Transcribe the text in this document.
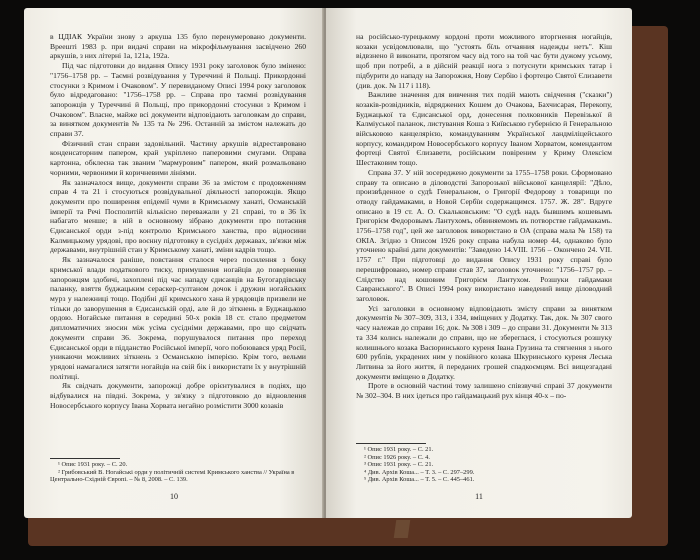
в ЦДІАК України знову з аркуша 135 було перенумеровано документи. Вреешті 1983 р. при видачі справи на мікрофільмування засвідчено 260 аркушів, з них літерні 1а, 121а, 192а.

Під час підготовки до видання Опису 1931 року заголовок було змінено: "1756–1758 рр. – Таємні розвідування у Туреччині й Польщі. Прикордонні стосунки з Кримом і Очаковом". У перевиданому Описі 1994 року заголовок було відредаговано: "1756–1758 рр. – Справа про таємні розвідування запорожців у Туреччині й Польщі, про прикордонні стосунки з Кримом і Очаковом". Власне, майже всі документи відповідають заголовкам до справи, за винятком документів № 135 та № 296. Останній за змістом належать до справи 37.

Фізичний стан справи задовільний. Частину аркушів відреставровано конденсаторним папером, край укріплено паперовими смугами. Оправа картонна, обклеєна так званим "мармуровим" папером, який розмальовано чорними, червоними й коричневими лініями.

Як зазначалося вище, документи справи 36 за змістом є продовженням справ 4 та 21 і стосуються розвідувальної діяльності запорожців. Якщо документи про поширення епідемії чуми в Кримському ханаті, Османській імперії та Речі Посполитій кількісно переважали у 21 справі, то в 36 їх набагато менше; в ній в основному зібрано документи про потаєння Єдисанської орди з-під контролю Кримського ханства, про відносини Калмицькому урядові, про воєнну підготовку в сусідніх державах, зв'язки між державами, внутрішній стан у Кримському ханаті, зміни кадрів тощо.

Як зазначалося раніше, повстання сталося через посилення з боку кримської влади податкового тиску, примушення ногайців до повернення запорожцям здобичі, захоплені під час нападу єдисанців на Бугогардівську паланку, взяття буджацьким сераскер-султаном дочок і дружин ногайських мурз у належниці тощо. Подібні дії кримського хана й урядовців призвели не тільки до заворушення в Єдисанській орді, але й до зіткнень в Буджацькою ордою. Ногайське питання в середині 50-х років 18 ст. стало предметом дипломатичних зносин між усіма сусідніми державами, про що свідчать документи справи 36. Зокрема, порушувалося питання про переход Єдисанської орди в підданство Російської імперії, чого побоювався уряд Росії, уникаючи можливих зіткнень з Османською імперією. Крім того, вельми урядові намагалися затягти ногайців на свій бік і використати їх у внутрішній політиці.

Як свідчать документи, запорожці добре орієнтувалися в подіях, що відбувалися на півдні. Зокрема, у зв'язку з підготовкою до відновлення Новосербського корпусу Івана Хорвата негайно розмістити 3000 козаків

¹ Опис 1931 року. – С. 20.
² Грибовський В. Ногайські орди у політичній системі Кримського ханства // Україна в Центрально-Східній Європі. – № 8, 2008. – С. 139.
10

на російсько-турецькому кордоні проти можливого вторгнення ногайців, козаки усвідомлювали, що "устоять бїль отчаяния надежды нетъ". Кіш відвзнено й виконати, протягом часу від того на той час бути дужому усьому, щоб при потребі, а в дійсній реакції нога з потуснути кримських татар і підбурити до нападу на Запорожжя, Нову Сербію і фортецю Святої Єлизавети (див. док. № 117 і 118).

Важливе значення для вивчення тих подій мають свідчення ("сказки") козаків-розвідників, відряджених Кошем до Очакова, Бахчисарая, Перекопу, Буджацької та Єдисанської орд, донесення полковників Перевізької й Калміуської паланок, листування Коша з Київською губернією й Генеральною військовою канцелярією, командуванням Української ландміліцейського корпусу, командиром Новосербського корпусу Іваном Хорватом, комендантом фортеці Святої Єлизавети, російським повіреним у Криму Олексієм Шестаковим тощо.

Справа 37. У ній зосереджено документи за 1755–1758 роки. Сформовано справу та описано в діловодстві Запорозької військової канцелярії: "Дѣло, произвѣденное о судѣ Генеральном, о Григорії Федорову з товарищи по отводу гайдамаками, в Новой Сербїи содержащимся. 1757. Ж. 28". Вдруге описано в 19 ст. А. О. Скальковським: "О судѣ надъ бывшимъ кошевымъ Григорієм Федоровымъ Лантухомъ, обвиняемомъ въ потворстве гайдамакамъ. 1756–1758 год", цей же заголовок використано в ОА (справа мала № 158) та ОКІА. Згідно з Описом 1926 року справа набула номер 44, однаково було уточнено крайні дати документів: "Заведено 14.VIII. 1756 – Окончено 24. VII. 1757 г." При підготовці до видання Опису 1931 року справі було перешифровано, номер справи став 37, заголовок уточнено: "1756–1757 рр. – Слідство над кошовим Григорієм Лантухом. Розшуки гайдамаки Савранського". В Описі 1994 року використано наведений вище діловодний заголовок.

Усі заголовки в основному відповідають змісту справи за винятком документів № 307–309, 313, і 334, вміщених у Додатку. Так, док. № 307 свого часу належав до справи 16; док. № 308 і 309 – до справи 31. Документи № 313 та 334 колись належали до справи, що не збереглася, і стосуються розшуку колишнього козака Васюринського куреня Івана Грузина та стягнення з нього 600 рублів, украдених ним у покійного козака Шкуринського куреня Леська Литвина за його життя, й переданих грошей спадкоємцям. Всі вищезгадані документи вміщено в Додатку.

Проте в основній частині тому залишено співзвучні справі 37 документи № 302–304. В них ідеться про гайдамацький рух кінця 40-х – по-

¹ Опис 1931 року. – С. 21.
² Опис 1926 року. – С. 4.
³ Опис 1931 року. – С. 21.
⁴ Див. Архів Коша... – Т. 3. – С. 297–299.
⁵ Див. Архів Коша... – Т. 5. – С. 445–461.
11
